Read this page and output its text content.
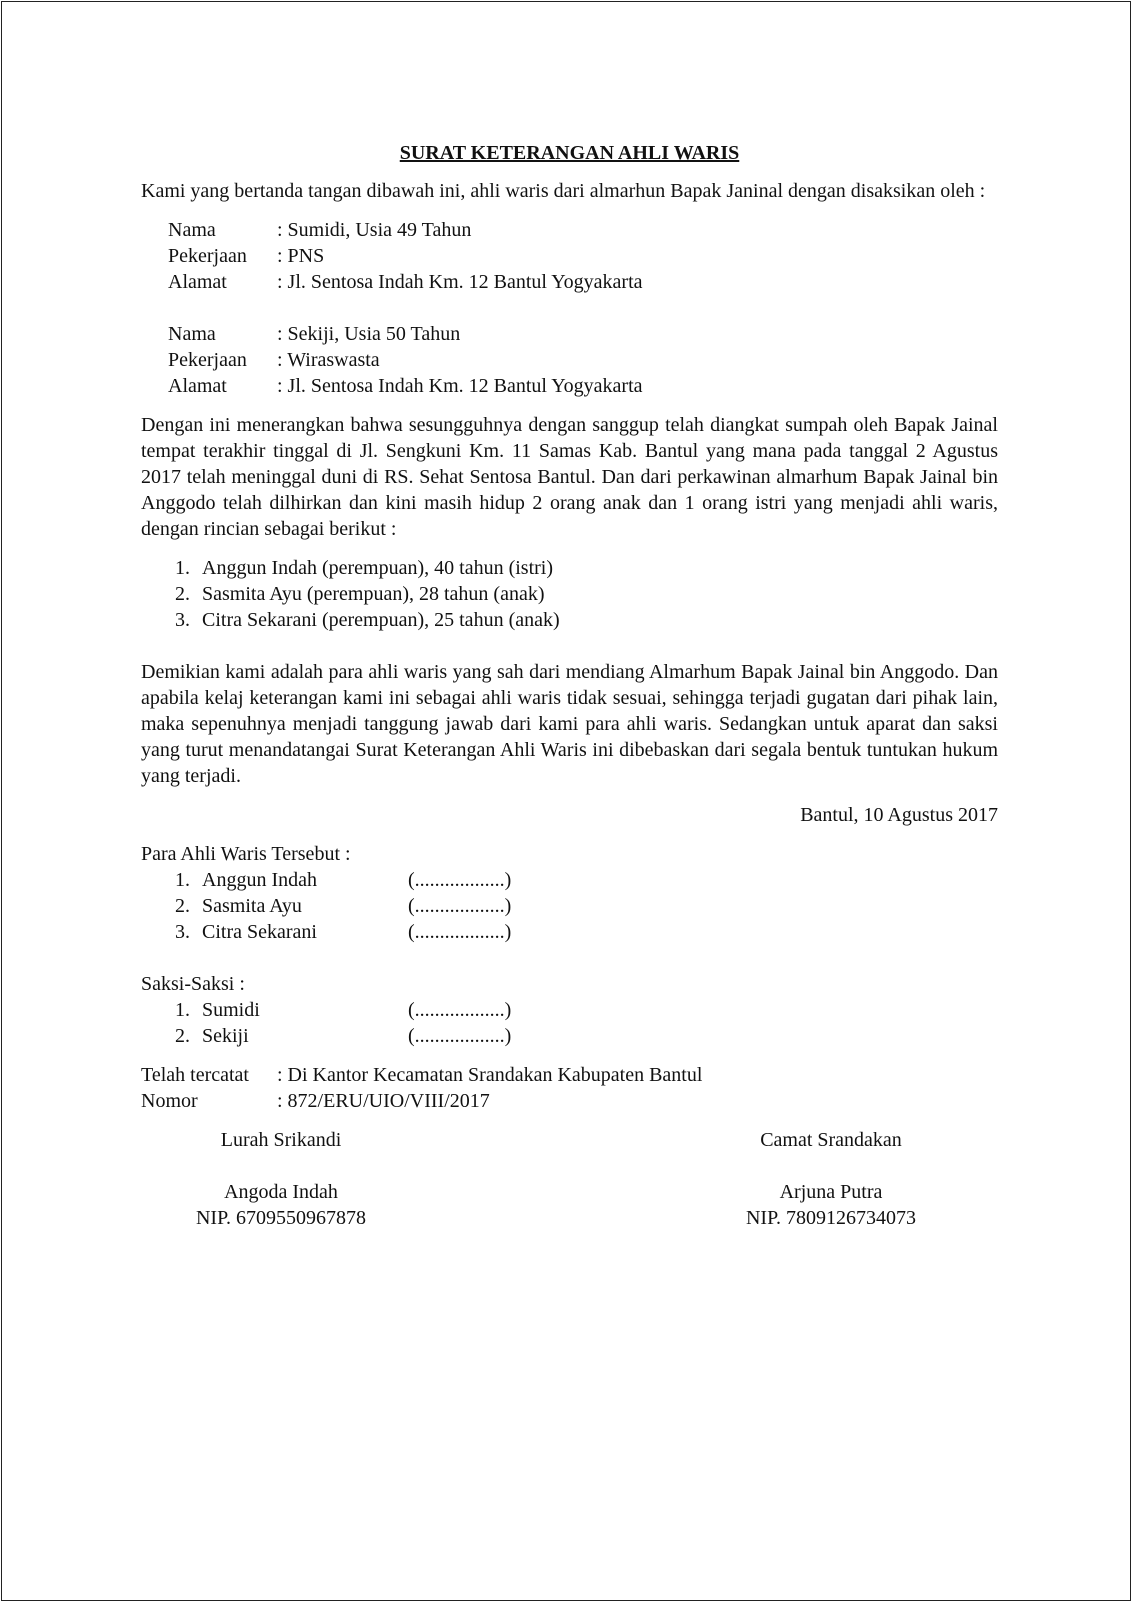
SURAT KETERANGAN AHLI WARIS

Kami yang bertanda tangan dibawah ini, ahli waris dari almarhun Bapak Janinal dengan disaksikan oleh :

Nama	: Sumidi, Usia 49 Tahun
Pekerjaan	: PNS
Alamat	: Jl. Sentosa Indah Km. 12 Bantul Yogyakarta
Nama	: Sekiji, Usia 50 Tahun
Pekerjaan	: Wiraswasta
Alamat	: Jl. Sentosa Indah Km. 12 Bantul Yogyakarta

Dengan ini menerangkan bahwa sesungguhnya dengan sanggup telah diangkat sumpah oleh Bapak Jainal tempat terakhir tinggal di Jl. Sengkuni Km. 11 Samas Kab. Bantul yang mana pada tanggal 2 Agustus 2017 telah meninggal duni di RS. Sehat Sentosa Bantul. Dan dari perkawinan almarhum Bapak Jainal bin Anggodo telah dilhirkan dan kini masih hidup 2 orang anak dan 1 orang istri yang menjadi ahli waris, dengan rincian sebagai berikut :

1. Anggun Indah (perempuan), 40 tahun (istri)
2. Sasmita Ayu (perempuan), 28 tahun (anak)
3. Citra Sekarani (perempuan), 25 tahun (anak)

Demikian kami adalah para ahli waris yang sah dari mendiang Almarhum Bapak Jainal bin Anggodo. Dan apabila kelaj keterangan kami ini sebagai ahli waris tidak sesuai, sehingga terjadi gugatan dari pihak lain, maka sepenuhnya menjadi tanggung jawab dari kami para ahli waris. Sedangkan untuk aparat dan saksi yang turut menandatangai Surat Keterangan Ahli Waris ini dibebaskan dari segala bentuk tuntukan hukum yang terjadi.

Bantul, 10 Agustus 2017
Para Ahli Waris Tersebut :
1. Anggun Indah	(..................)
2. Sasmita Ayu	(..................)
3. Citra Sekarani	(..................)
Saksi-Saksi :
1. Sumidi	(..................)
2. Sekiji	(..................)
Telah tercatat	: Di Kantor Kecamatan Srandakan Kabupaten Bantul
Nomor	: 872/ERU/UIO/VIII/2017
Lurah Srikandi
Angoda Indah
NIP. 6709550967878
Camat Srandakan
Arjuna Putra
NIP. 7809126734073
